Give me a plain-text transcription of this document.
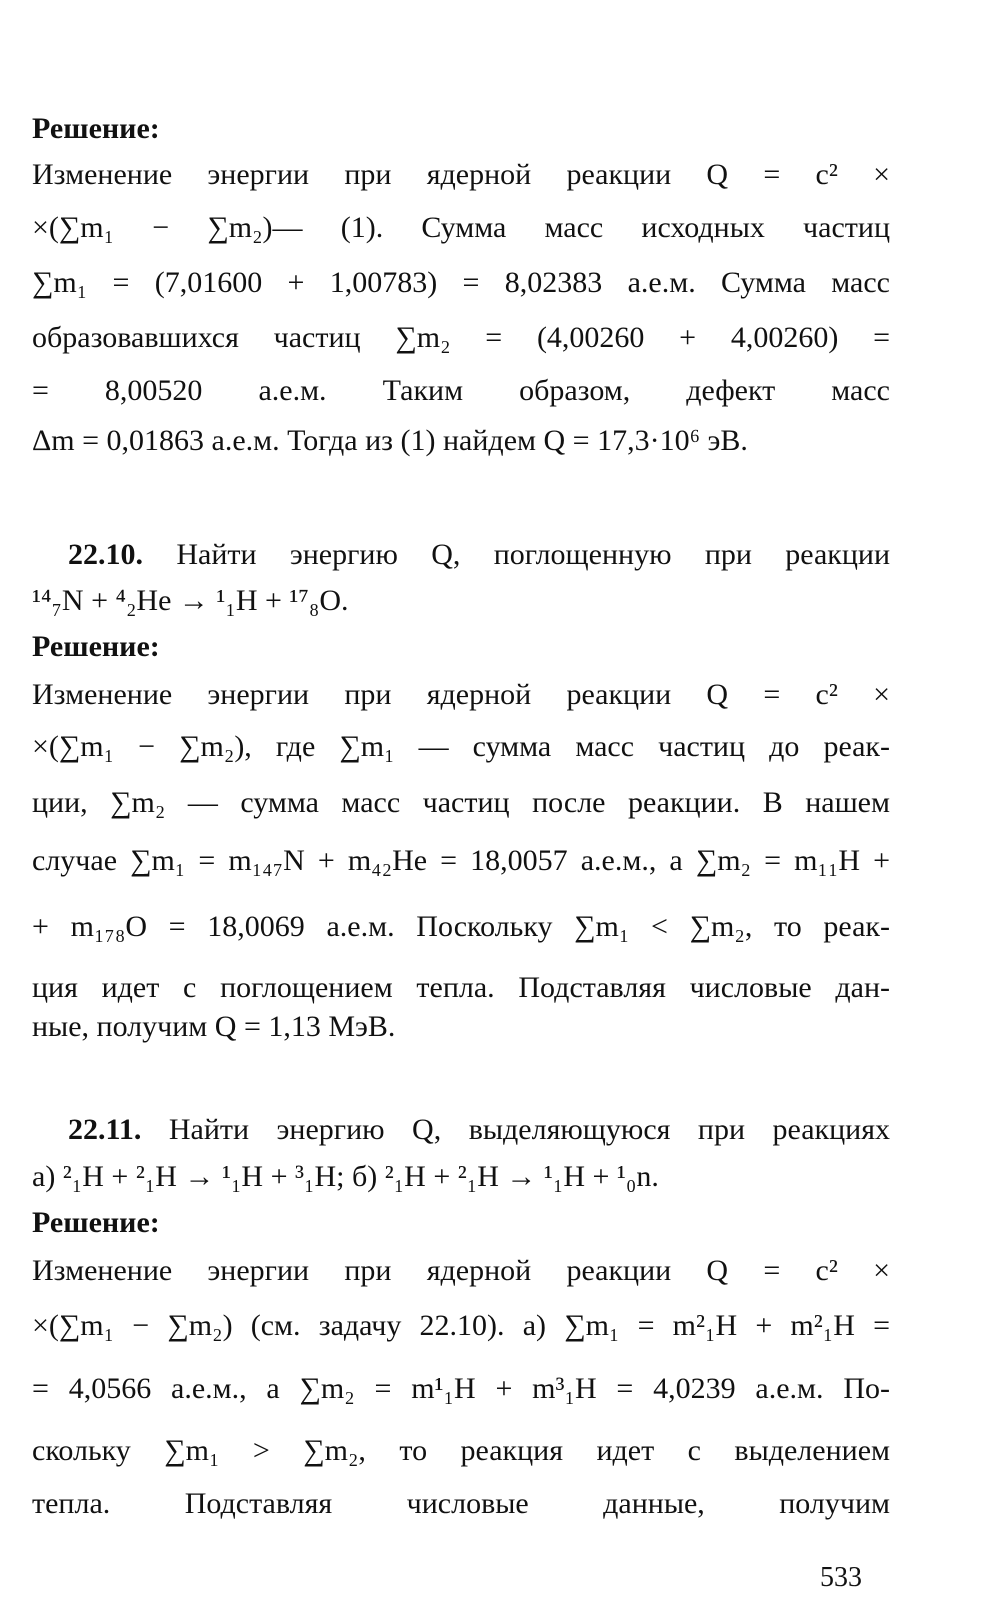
Решение:
Изменение энергии при ядерной реакции Q = c² ×
×(∑m₁ − ∑m₂)— (1). Сумма масс исходных частиц
∑m₁ = (7,01600 + 1,00783) = 8,02383 а.е.м. Сумма масс
образовавшихся частиц ∑m₂ = (4,00260 + 4,00260) =
= 8,00520 а.е.м. Таким образом, дефект масс
Δm = 0,01863 а.е.м. Тогда из (1) найдем Q = 17,3·10⁶ эВ.
22.10. Найти энергию Q, поглощенную при реакции
¹⁴₇N + ⁴₂He → ¹₁H + ¹⁷₈O.
Решение:
Изменение энергии при ядерной реакции Q = c² ×
×(∑m₁ − ∑m₂), где ∑m₁ — сумма масс частиц до реак-
ции, ∑m₂ — сумма масс частиц после реакции. В нашем
случае ∑m₁ = m₁₄₇N + m₄₂He = 18,0057 а.е.м., а ∑m₂ = m₁₁H +
+ m₁₇₈O = 18,0069 а.е.м. Поскольку ∑m₁ < ∑m₂, то реак-
ция идет с поглощением тепла. Подставляя числовые дан-
ные, получим Q = 1,13 МэВ.
22.11. Найти энергию Q, выделяющуюся при реакциях
а) ²₁H + ²₁H → ¹₁H + ³₁H; б) ²₁H + ²₁H → ¹₁H + ¹₀n.
Решение:
Изменение энергии при ядерной реакции Q = c² ×
×(∑m₁ − ∑m₂) (см. задачу 22.10). а) ∑m₁ = m²₁H + m²₁H =
= 4,0566 а.е.м., а ∑m₂ = m¹₁H + m³₁H = 4,0239 а.е.м. По-
скольку ∑m₁ > ∑m₂, то реакция идет с выделением
тепла. Подставляя числовые данные, получим
533
